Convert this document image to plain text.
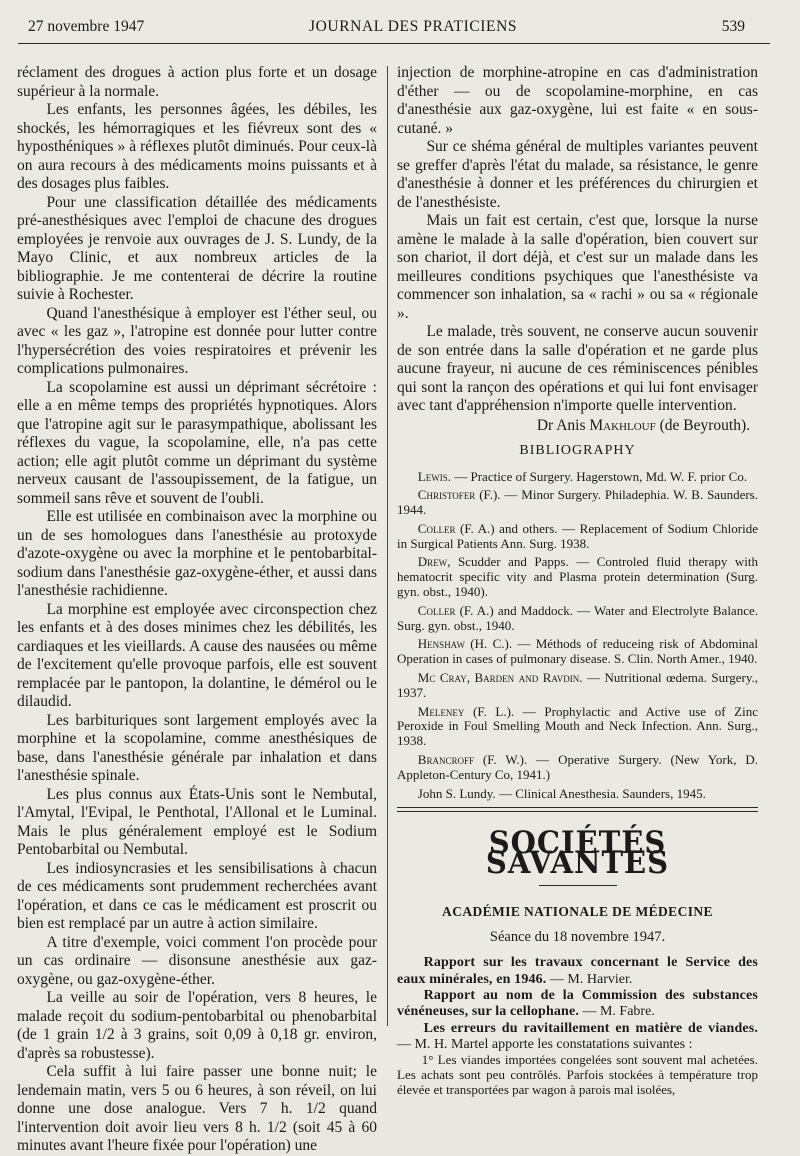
27 novembre 1947	JOURNAL DES PRATICIENS	539

réclament des drogues à action plus forte et un dosage supérieur à la normale.

Les enfants, les personnes âgées, les débiles, les shockés, les hémorragiques et les fiévreux sont des « hyposthéniques » à réflexes plutôt diminués. Pour ceux-là on aura recours à des médicaments moins puissants et à des dosages plus faibles.

Pour une classification détaillée des médicaments pré-anesthésiques avec l'emploi de chacune des drogues employées je renvoie aux ouvrages de J. S. Lundy, de la Mayo Clinic, et aux nombreux articles de la bibliographie. Je me contenterai de décrire la routine suivie à Rochester.

Quand l'anesthésique à employer est l'éther seul, ou avec « les gaz », l'atropine est donnée pour lutter contre l'hypersécrétion des voies respiratoires et prévenir les complications pulmonaires.

La scopolamine est aussi un déprimant sécrétoire : elle a en même temps des propriétés hypnotiques. Alors que l'atropine agit sur le parasympathique, abolissant les réflexes du vague, la scopolamine, elle, n'a pas cette action; elle agit plutôt comme un déprimant du système nerveux causant de l'assoupissement, de la fatigue, un sommeil sans rêve et souvent de l'oubli.

Elle est utilisée en combinaison avec la morphine ou un de ses homologues dans l'anesthésie au protoxyde d'azote-oxygène ou avec la morphine et le pentobarbital-sodium dans l'anesthésie gaz-oxygène-éther, et aussi dans l'anesthésie rachidienne.

La morphine est employée avec circonspection chez les enfants et à des doses minimes chez les débilités, les cardiaques et les vieillards. A cause des nausées ou même de l'excitement qu'elle provoque parfois, elle est souvent remplacée par le pantopon, la dolantine, le démérol ou le dilaudid.

Les barbituriques sont largement employés avec la morphine et la scopolamine, comme anesthésiques de base, dans l'anesthésie générale par inhalation et dans l'anesthésie spinale.

Les plus connus aux États-Unis sont le Nembutal, l'Amytal, l'Evipal, le Penthotal, l'Allonal et le Luminal. Mais le plus généralement employé est le Sodium Pentobarbital ou Nembutal.

Les indiosyncrasies et les sensibilisations à chacun de ces médicaments sont prudemment recherchées avant l'opération, et dans ce cas le médicament est proscrit ou bien est remplacé par un autre à action similaire.

A titre d'exemple, voici comment l'on procède pour un cas ordinaire — disonsune anesthésie aux gaz-oxygène, ou gaz-oxygène-éther.

La veille au soir de l'opération, vers 8 heures, le malade reçoit du sodium-pentobarbital ou phenobarbital (de 1 grain 1/2 à 3 grains, soit 0,09 à 0,18 gr. environ, d'après sa robustesse).

Cela suffit à lui faire passer une bonne nuit; le lendemain matin, vers 5 ou 6 heures, à son réveil, on lui donne une dose analogue. Vers 7 h. 1/2 quand l'intervention doit avoir lieu vers 8 h. 1/2 (soit 45 à 60 minutes avant l'heure fixée pour l'opération) une

injection de morphine-atropine en cas d'administration d'éther — ou de scopolamine-morphine, en cas d'anesthésie aux gaz-oxygène, lui est faite « en sous-cutané. »

Sur ce shéma général de multiples variantes peuvent se greffer d'après l'état du malade, sa résistance, le genre d'anesthésie à donner et les préférences du chirurgien et de l'anesthésiste.

Mais un fait est certain, c'est que, lorsque la nurse amène le malade à la salle d'opération, bien couvert sur son chariot, il dort déjà, et c'est sur un malade dans les meilleures conditions psychiques que l'anesthésiste va commencer son inhalation, sa « rachi » ou sa « régionale ».

Le malade, très souvent, ne conserve aucun souvenir de son entrée dans la salle d'opération et ne garde plus aucune frayeur, ni aucune de ces réminiscences pénibles qui sont la rançon des opérations et qui lui font envisager avec tant d'appréhension n'importe quelle intervention.

Dr Anis Makhlouf (de Beyrouth).

BIBLIOGRAPHY

Lewis. — Practice of Surgery. Hagerstown, Md. W. F. prior Co.

Christofer (F.). — Minor Surgery. Philadephia. W. B. Saunders. 1944.

Coller (F. A.) and others. — Replacement of Sodium Chloride in Surgical Patients Ann. Surg. 1938.

Drew, Scudder and Papps. — Controled fluid therapy with hematocrit specific vity and Plasma protein determination (Surg. gyn. obst., 1940).

Coller (F. A.) and Maddock. — Water and Electrolyte Balance. Surg. gyn. obst., 1940.

Henshaw (H. C.). — Méthods of reduceing risk of Abdominal Operation in cases of pulmonary disease. S. Clin. North Amer., 1940.

Mc Cray, Barden and Ravdin. — Nutritional œdema. Surgery., 1937.

Meleney (F. L.). — Prophylactic and Active use of Zinc Peroxide in Foul Smelling Mouth and Neck Infection. Ann. Surg., 1938.

Brancroff (F. W.). — Operative Surgery. (New York, D. Appleton-Century Co, 1941.)

John S. Lundy. — Clinical Anesthesia. Saunders, 1945.

SOCIÉTÉS SAVANTES
ACADÉMIE NATIONALE DE MÉDECINE
Séance du 18 novembre 1947.

Rapport sur les travaux concernant le Service des eaux minérales, en 1946. — M. Harvier.

Rapport au nom de la Commission des substances vénéneuses, sur la cellophane. — M. Fabre.

Les erreurs du ravitaillement en matière de viandes. — M. H. Martel apporte les constatations suivantes :

1° Les viandes importées congelées sont souvent mal achetées. Les achats sont peu contrôlés. Parfois stockées à température trop élevée et transportées par wagon à parois mal isolées,
